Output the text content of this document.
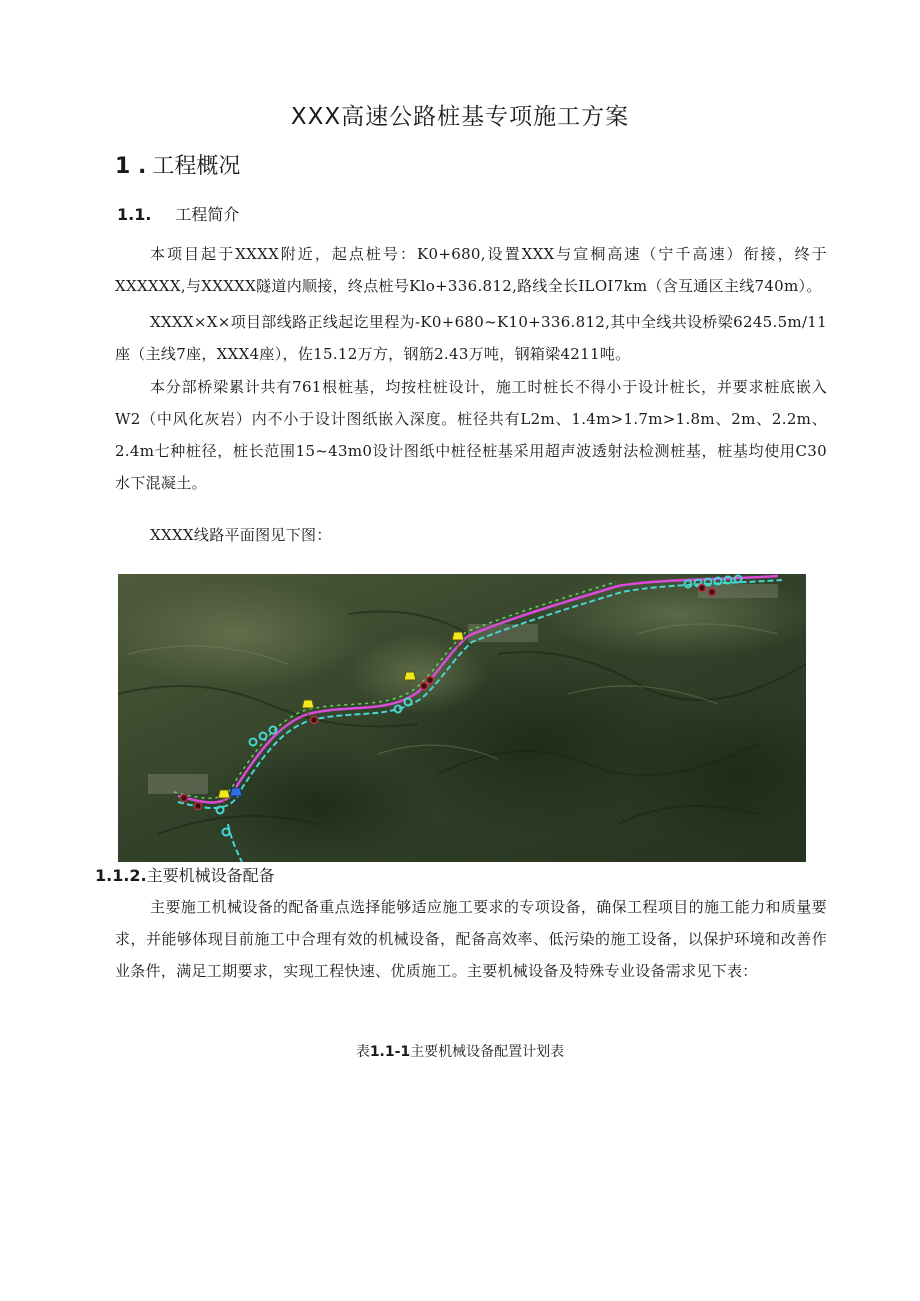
XXX高速公路桩基专项施工方案
1 . 工程概况
1.1. 工程简介

本项目起于XXXX附近，起点桩号：K0+680,设置XXX与宣桐高速（宁千高速）衔接，终于XXXXXX,与XXXXX隧道内顺接，终点桩号Klo+336.812,路线全长ILOI7km（含互通区主线740m）。

XXXX×X×项目部线路正线起讫里程为-K0+680~K10+336.812,其中全线共设桥梁6245.5m/11座（主线7座，XXX4座），佐15.12万方，钢筋2.43万吨，钢箱梁4211吨。

本分部桥梁累计共有761根桩基，均按柱桩设计，施工时桩长不得小于设计桩长，并要求桩底嵌入W2（中风化灰岩）内不小于设计图纸嵌入深度。桩径共有L2m、1.4m>1.7m>1.8m、2m、2.2m、2.4m七种桩径，桩长范围15~43m0设计图纸中桩径桩基采用超声波透射法检测桩基，桩基均使用C30水下混凝土。

XXXX线路平面图见下图：

1.1.2.主要机械设备配备

主要施工机械设备的配备重点选择能够适应施工要求的专项设备，确保工程项目的施工能力和质量要求，并能够体现目前施工中合理有效的机械设备，配备高效率、低污染的施工设备，以保护环境和改善作业条件，满足工期要求，实现工程快速、优质施工。主要机械设备及特殊专业设备需求见下表：

表1.1-1主要机械设备配置计划表
